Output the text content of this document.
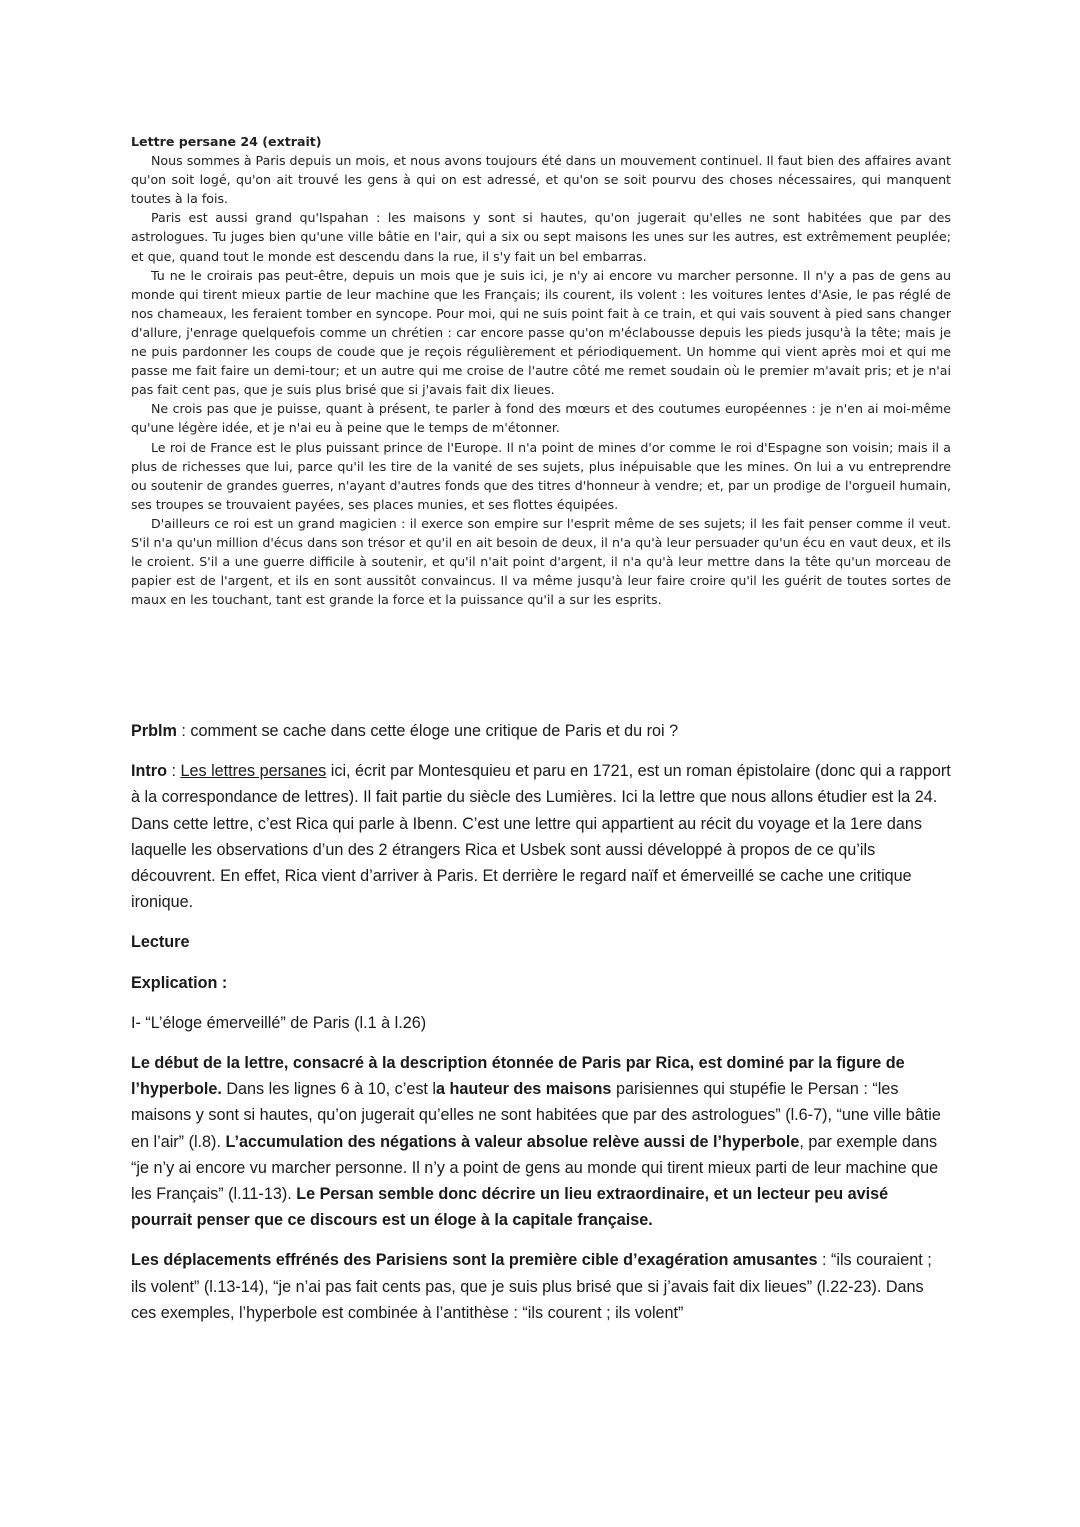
Lettre persane 24 (extrait)

Nous sommes à Paris depuis un mois, et nous avons toujours été dans un mouvement continuel. Il faut bien des affaires avant qu'on soit logé, qu'on ait trouvé les gens à qui on est adressé, et qu'on se soit pourvu des choses nécessaires, qui manquent toutes à la fois.

Paris est aussi grand qu'Ispahan : les maisons y sont si hautes, qu'on jugerait qu'elles ne sont habitées que par des astrologues. Tu juges bien qu'une ville bâtie en l'air, qui a six ou sept maisons les unes sur les autres, est extrêmement peuplée; et que, quand tout le monde est descendu dans la rue, il s'y fait un bel embarras.

Tu ne le croirais pas peut-être, depuis un mois que je suis ici, je n'y ai encore vu marcher personne. Il n'y a pas de gens au monde qui tirent mieux partie de leur machine que les Français; ils courent, ils volent : les voitures lentes d'Asie, le pas réglé de nos chameaux, les feraient tomber en syncope. Pour moi, qui ne suis point fait à ce train, et qui vais souvent à pied sans changer d'allure, j'enrage quelquefois comme un chrétien : car encore passe qu'on m'éclabousse depuis les pieds jusqu'à la tête; mais je ne puis pardonner les coups de coude que je reçois régulièrement et périodiquement. Un homme qui vient après moi et qui me passe me fait faire un demi-tour; et un autre qui me croise de l'autre côté me remet soudain où le premier m'avait pris; et je n'ai pas fait cent pas, que je suis plus brisé que si j'avais fait dix lieues.

Ne crois pas que je puisse, quant à présent, te parler à fond des mœurs et des coutumes européennes : je n'en ai moi-même qu'une légère idée, et je n'ai eu à peine que le temps de m'étonner.

Le roi de France est le plus puissant prince de l'Europe. Il n'a point de mines d'or comme le roi d'Espagne son voisin; mais il a plus de richesses que lui, parce qu'il les tire de la vanité de ses sujets, plus inépuisable que les mines. On lui a vu entreprendre ou soutenir de grandes guerres, n'ayant d'autres fonds que des titres d'honneur à vendre; et, par un prodige de l'orgueil humain, ses troupes se trouvaient payées, ses places munies, et ses flottes équipées.

D'ailleurs ce roi est un grand magicien : il exerce son empire sur l'esprit même de ses sujets; il les fait penser comme il veut. S'il n'a qu'un million d'écus dans son trésor et qu'il en ait besoin de deux, il n'a qu'à leur persuader qu'un écu en vaut deux, et ils le croient. S'il a une guerre difficile à soutenir, et qu'il n'ait point d'argent, il n'a qu'à leur mettre dans la tête qu'un morceau de papier est de l'argent, et ils en sont aussitôt convaincus. Il va même jusqu'à leur faire croire qu'il les guérit de toutes sortes de maux en les touchant, tant est grande la force et la puissance qu'il a sur les esprits.

Prblm : comment se cache dans cette éloge une critique de Paris et du roi ?

Intro : Les lettres persanes ici, écrit par Montesquieu et paru en 1721, est un roman épistolaire (donc qui a rapport à la correspondance de lettres). Il fait partie du siècle des Lumières. Ici la lettre que nous allons étudier est la 24. Dans cette lettre, c’est Rica qui parle à Ibenn. C’est une lettre qui appartient au récit du voyage et la 1ere dans laquelle les observations d’un des 2 étrangers Rica et Usbek sont aussi développé à propos de ce qu’ils découvrent. En effet, Rica vient d’arriver à Paris. Et derrière le regard naïf et émerveillé se cache une critique ironique.

Lecture

Explication :

I- “L’éloge émerveillé” de Paris (l.1 à l.26)

Le début de la lettre, consacré à la description étonnée de Paris par Rica, est dominé par la figure de l’hyperbole. Dans les lignes 6 à 10, c’est la hauteur des maisons parisiennes qui stupéfie le Persan : “les maisons y sont si hautes, qu’on jugerait qu’elles ne sont habitées que par des astrologues” (l.6-7), “une ville bâtie en l’air” (l.8). L’accumulation des négations à valeur absolue relève aussi de l’hyperbole, par exemple dans “je n’y ai encore vu marcher personne. Il n’y a point de gens au monde qui tirent mieux parti de leur machine que les Français” (l.11-13). Le Persan semble donc décrire un lieu extraordinaire, et un lecteur peu avisé pourrait penser que ce discours est un éloge à la capitale française.

Les déplacements effrénés des Parisiens sont la première cible d’exagération amusantes : “ils couraient ; ils volent” (l.13-14), “je n’ai pas fait cents pas, que je suis plus brisé que si j’avais fait dix lieues” (l.22-23). Dans ces exemples, l’hyperbole est combinée à l’antithèse : “ils courent ; ils volent”
